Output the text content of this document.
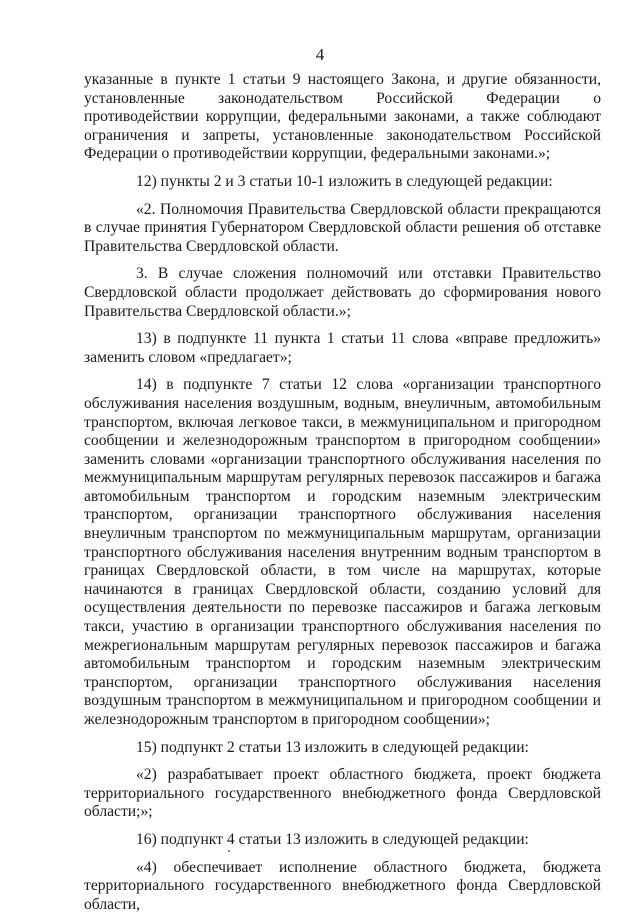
4

указанные в пункте 1 статьи 9 настоящего Закона, и другие обязанности, установленные законодательством Российской Федерации о противодействии коррупции, федеральными законами, а также соблюдают ограничения и запреты, установленные законодательством Российской Федерации о противодействии коррупции, федеральными законами.»;

12) пункты 2 и 3 статьи 10-1 изложить в следующей редакции:

«2. Полномочия Правительства Свердловской области прекращаются в случае принятия Губернатором Свердловской области решения об отставке Правительства Свердловской области.

3. В случае сложения полномочий или отставки Правительство Свердловской области продолжает действовать до сформирования нового Правительства Свердловской области.»;

13) в подпункте 11 пункта 1 статьи 11 слова «вправе предложить» заменить словом «предлагает»;

14) в подпункте 7 статьи 12 слова «организации транспортного обслуживания населения воздушным, водным, внеуличным, автомобильным транспортом, включая легковое такси, в межмуниципальном и пригородном сообщении и железнодорожным транспортом в пригородном сообщении» заменить словами «организации транспортного обслуживания населения по межмуниципальным маршрутам регулярных перевозок пассажиров и багажа автомобильным транспортом и городским наземным электрическим транспортом, организации транспортного обслуживания населения внеуличным транспортом по межмуниципальным маршрутам, организации транспортного обслуживания населения внутренним водным транспортом в границах Свердловской области, в том числе на маршрутах, которые начинаются в границах Свердловской области, созданию условий для осуществления деятельности по перевозке пассажиров и багажа легковым такси, участию в организации транспортного обслуживания населения по межрегиональным маршрутам регулярных перевозок пассажиров и багажа автомобильным транспортом и городским наземным электрическим транспортом, организации транспортного обслуживания населения воздушным транспортом в межмуниципальном и пригородном сообщении и железнодорожным транспортом в пригородном сообщении»;

15) подпункт 2 статьи 13 изложить в следующей редакции:

«2) разрабатывает проект областного бюджета, проект бюджета территориального государственного внебюджетного фонда Свердловской области;»;

16) подпункт 4 статьи 13 изложить в следующей редакции:

«4) обеспечивает исполнение областного бюджета, бюджета территориального государственного внебюджетного фонда Свердловской области,
